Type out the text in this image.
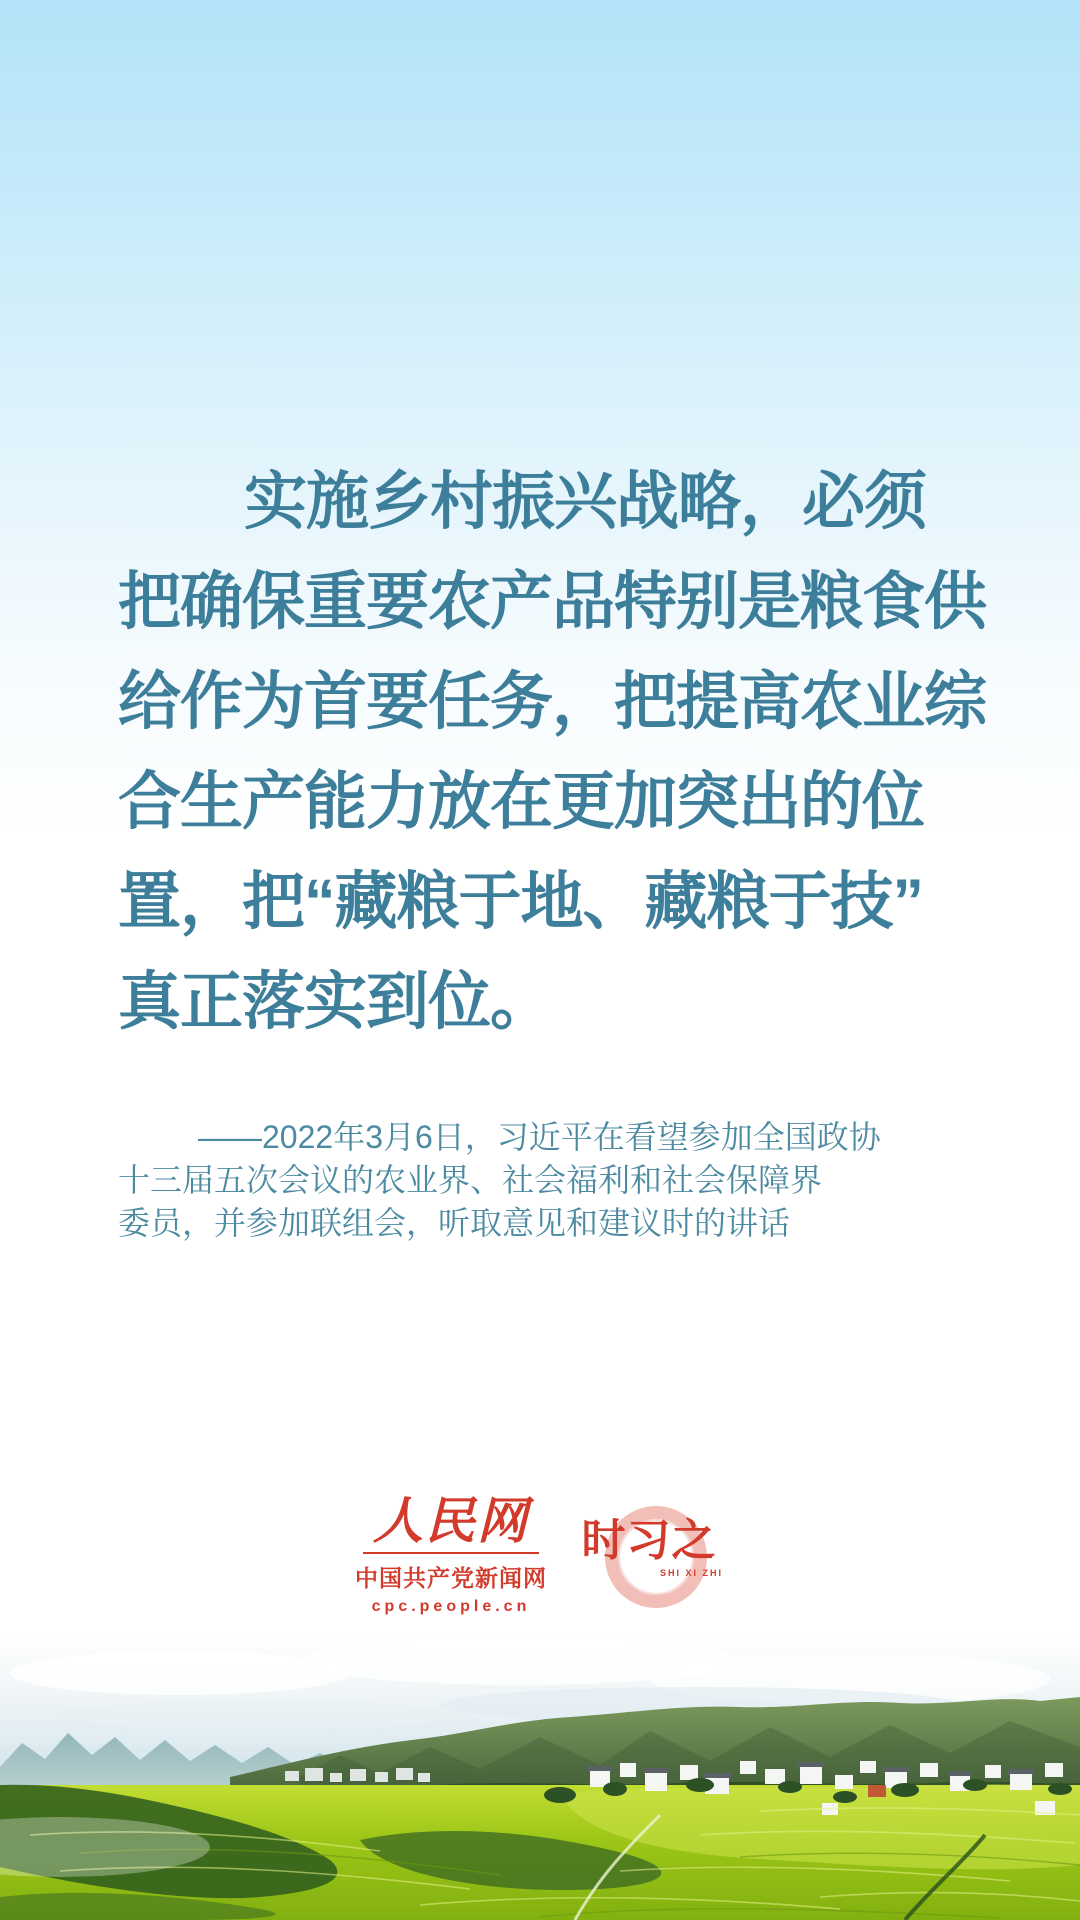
实施乡村振兴战略，必须
把确保重要农产品特别是粮食供
给作为首要任务，把提高农业综
合生产能力放在更加突出的位
置，把“藏粮于地、藏粮于技”
真正落实到位。
——2022年3月6日，习近平在看望参加全国政协
十三届五次会议的农业界、社会福利和社会保障界
委员，并参加联组会，听取意见和建议时的讲话
人民网
中国共产党新闻网
cpc.people.cn
时习之
SHI XI ZHI
